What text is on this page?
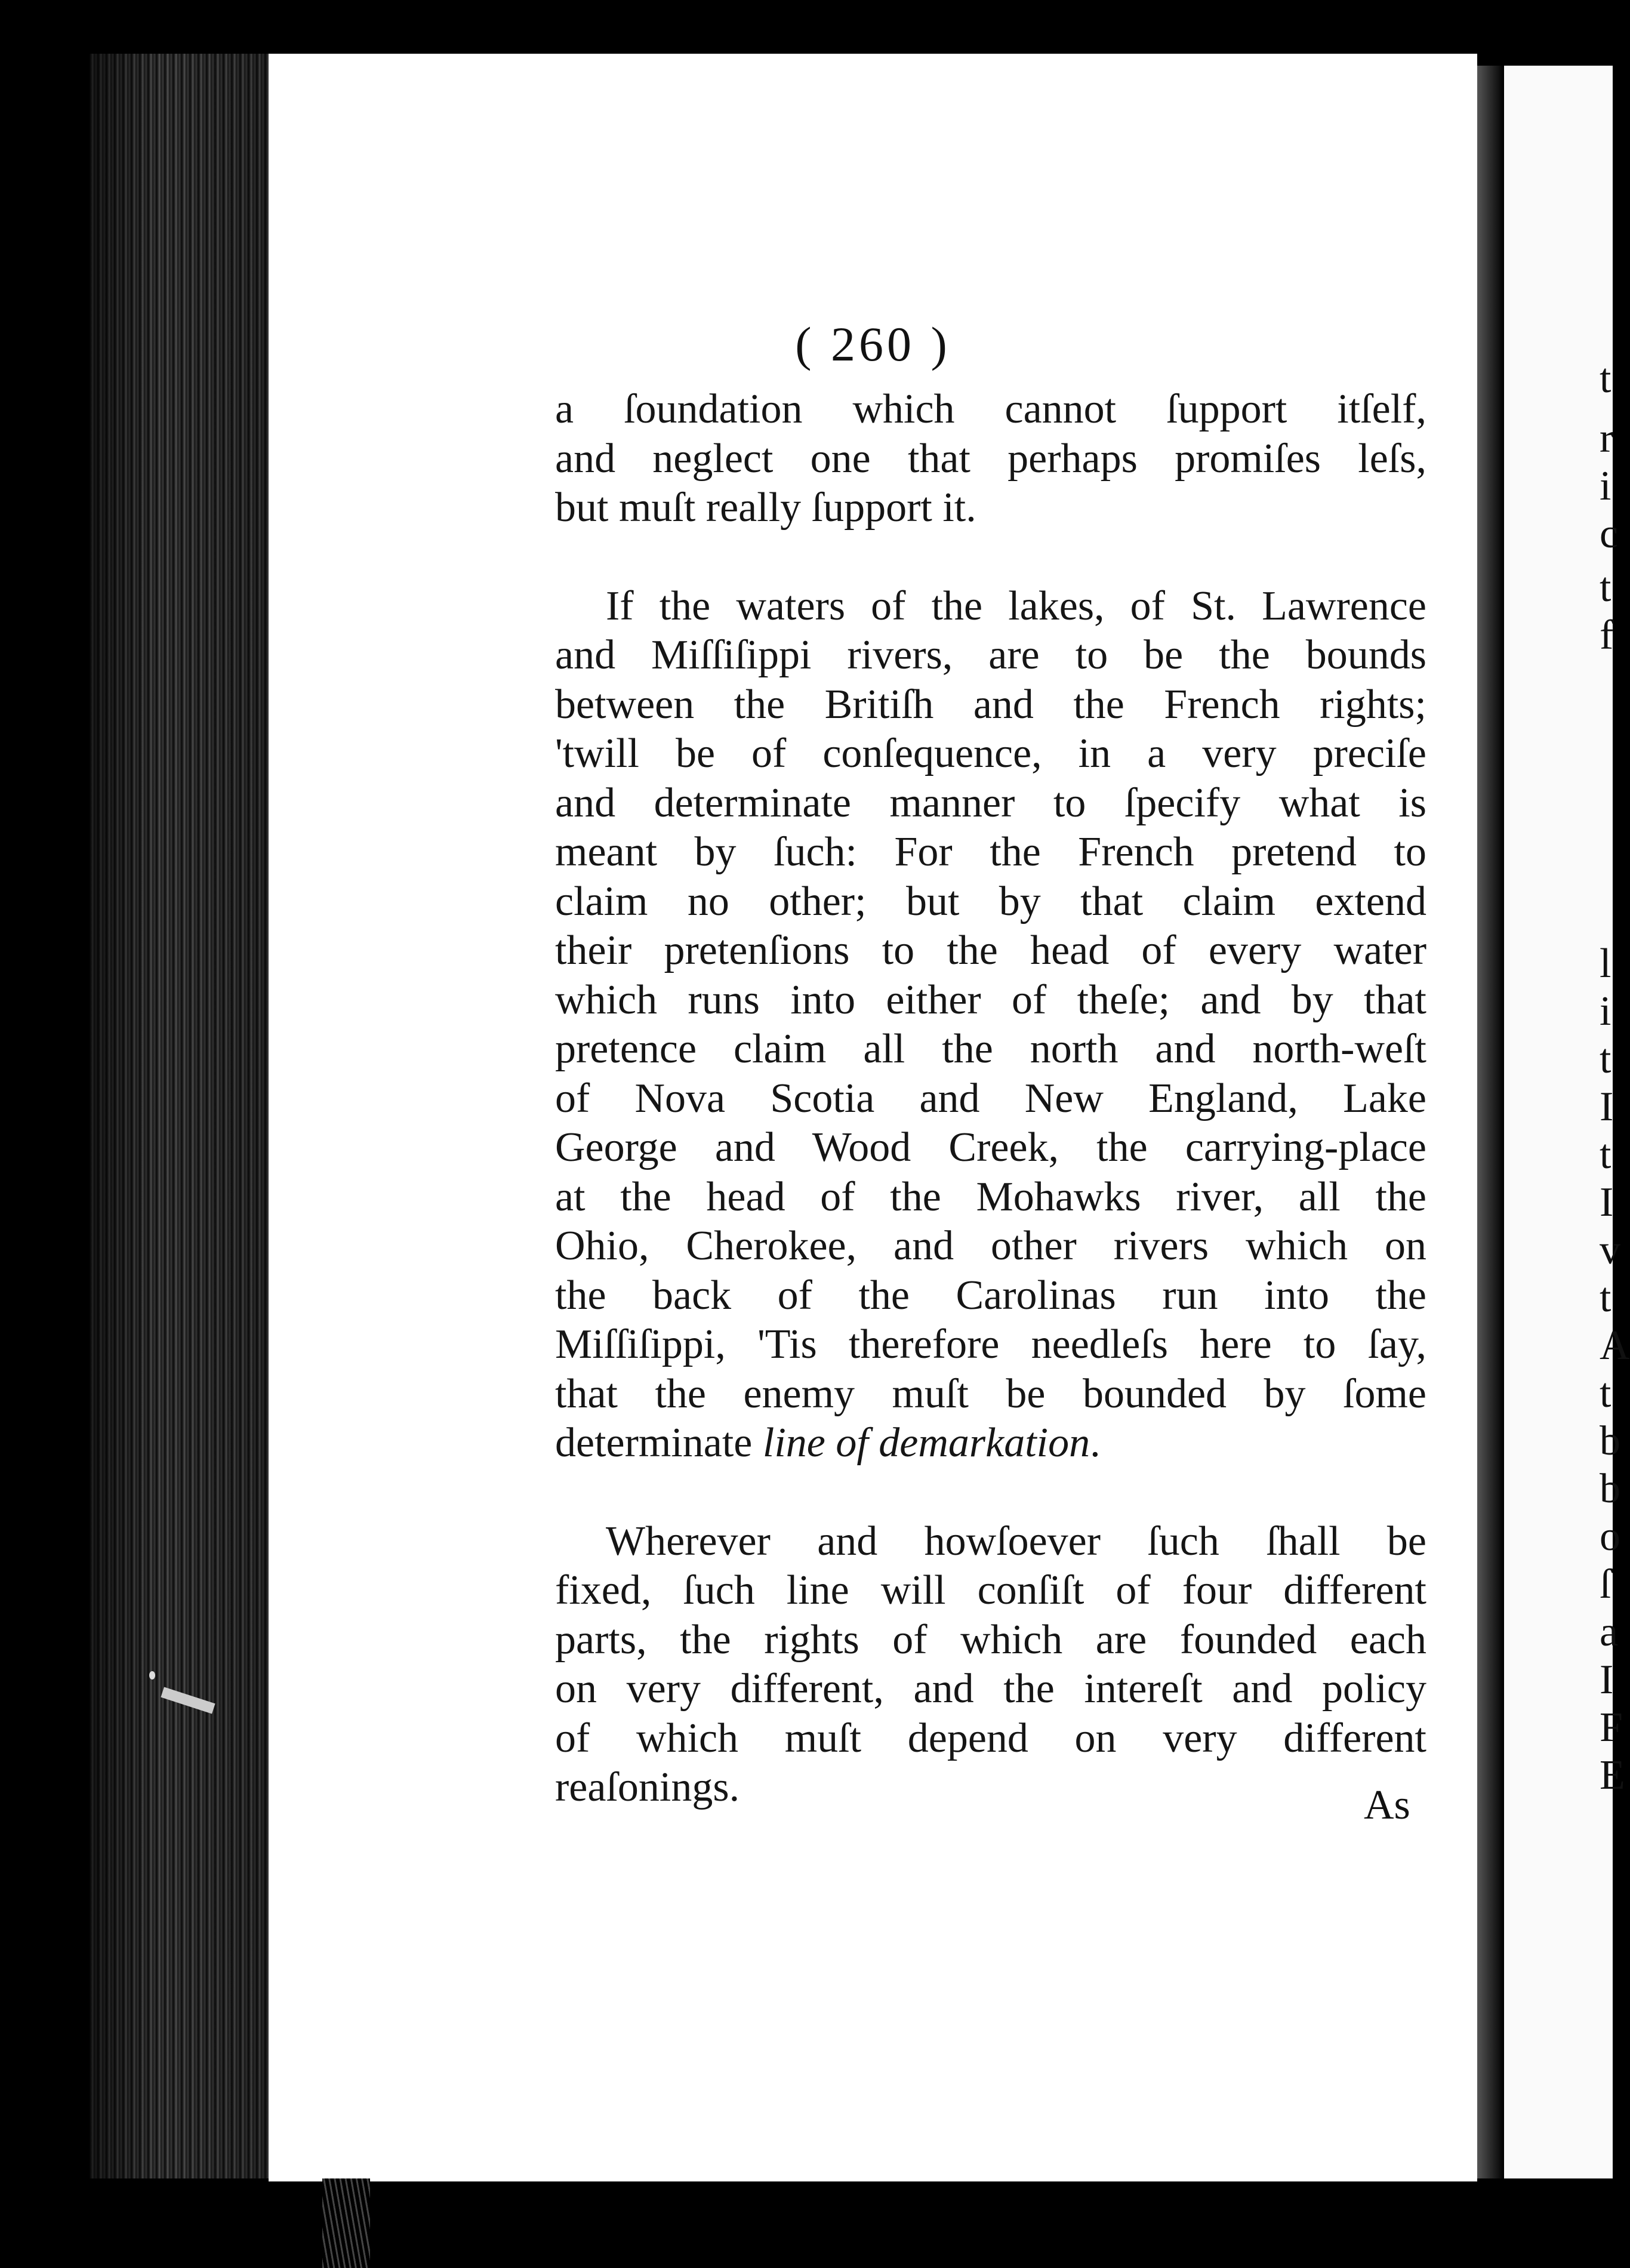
( 260 )

a ſoundation which cannot ſupport itſelf,
and neglect one that perhaps promiſes leſs,
but muſt really ſupport it.

If the waters of the lakes, of St. Lawrence
and Miſſiſippi rivers, are to be the bounds
between the Britiſh and the French rights;
'twill be of conſequence, in a very preciſe
and determinate manner to ſpecify what is
meant by ſuch: For the French pretend to
claim no other; but by that claim extend
their pretenſions to the head of every water
which runs into either of theſe; and by that
pretence claim all the north and north-weſt
of Nova Scotia and New England, Lake
George and Wood Creek, the carrying-place
at the head of the Mohawks river, all the
Ohio, Cherokee, and other rivers which on
the back of the Carolinas run into the
Miſſiſippi, 'Tis therefore needleſs here to ſay,
that the enemy muſt be bounded by ſome
determinate line of demarkation.

Wherever and howſoever ſuch ſhall be
fixed, ſuch line will conſiſt of four different
parts, the rights of which are founded each
on very different, and the intereſt and policy
of which muſt depend on very different
reaſonings.	As
t
r
i
c
t
f
l
i
t
I
t
I
v
t
A
t
b
b
o
ſ
a
I
F
E
